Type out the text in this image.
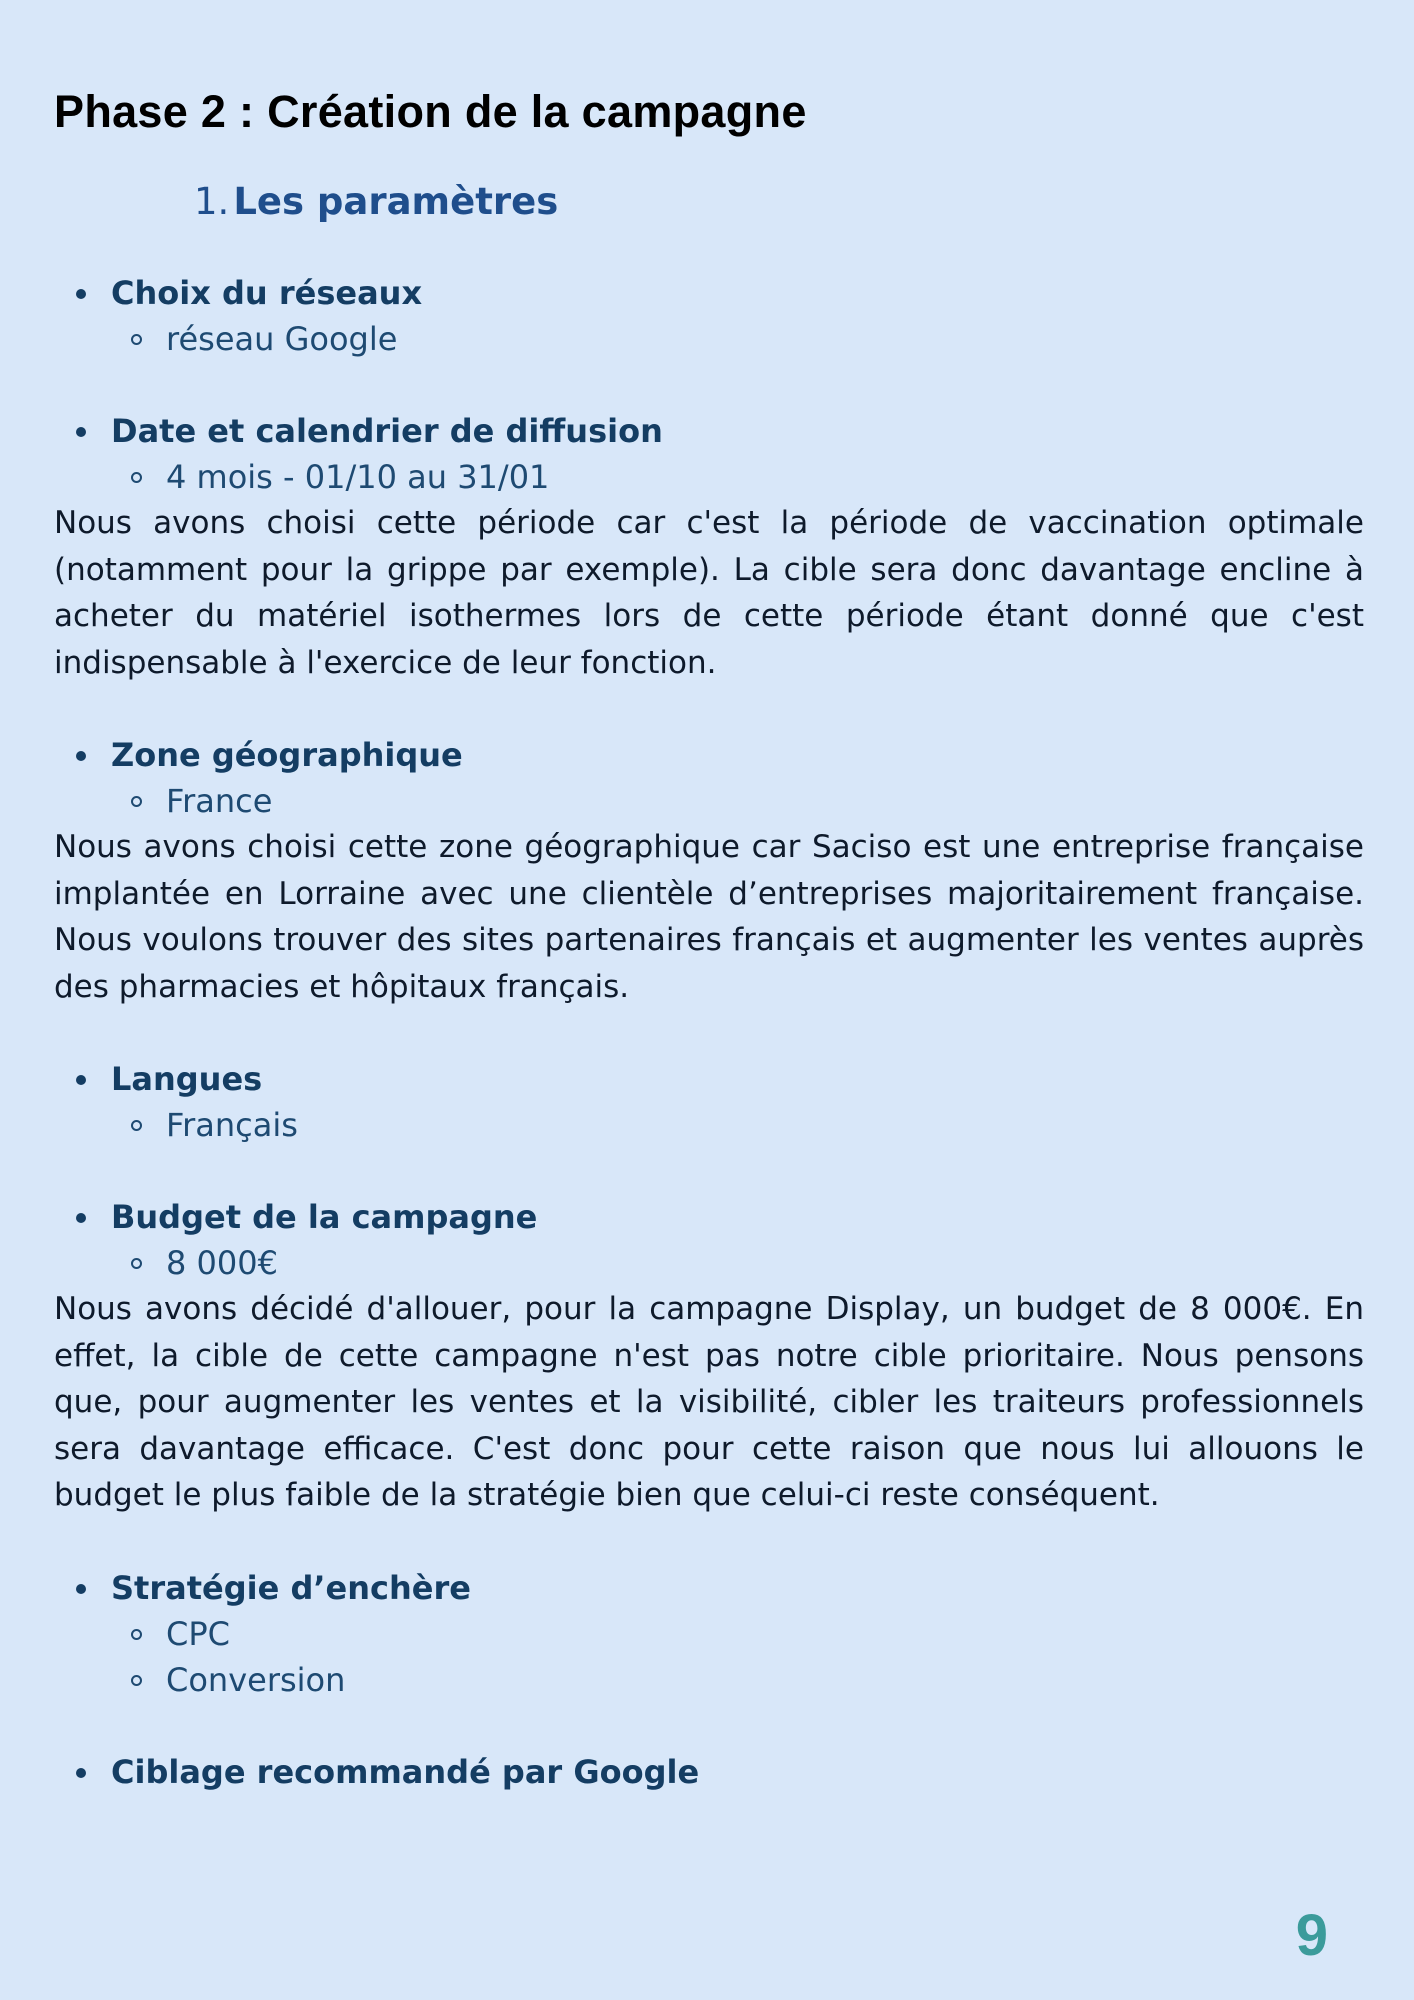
Phase 2 : Création de la campagne
1. Les paramètres
Choix du réseaux
réseau Google
Date et calendrier de diffusion
4 mois - 01/10 au 31/01

Nous avons choisi cette période car c'est la période de vaccination optimale (notamment pour la grippe par exemple). La cible sera donc davantage encline à acheter du matériel isothermes lors de cette période étant donné que c'est indispensable à l'exercice de leur fonction.

Zone géographique
France

Nous avons choisi cette zone géographique car Saciso est une entreprise française implantée en Lorraine avec une clientèle d’entreprises majoritairement française. Nous voulons trouver des sites partenaires français et augmenter les ventes auprès des pharmacies et hôpitaux français.

Langues
Français
Budget de la campagne
8 000€

Nous avons décidé d'allouer, pour la campagne Display, un budget de 8 000€. En effet, la cible de cette campagne n'est pas notre cible prioritaire. Nous pensons que, pour augmenter les ventes et la visibilité, cibler les traiteurs professionnels sera davantage efficace. C'est donc pour cette raison que nous lui allouons le budget le plus faible de la stratégie bien que celui-ci reste conséquent.

Stratégie d’enchère
CPC
Conversion
Ciblage recommandé par Google
9
